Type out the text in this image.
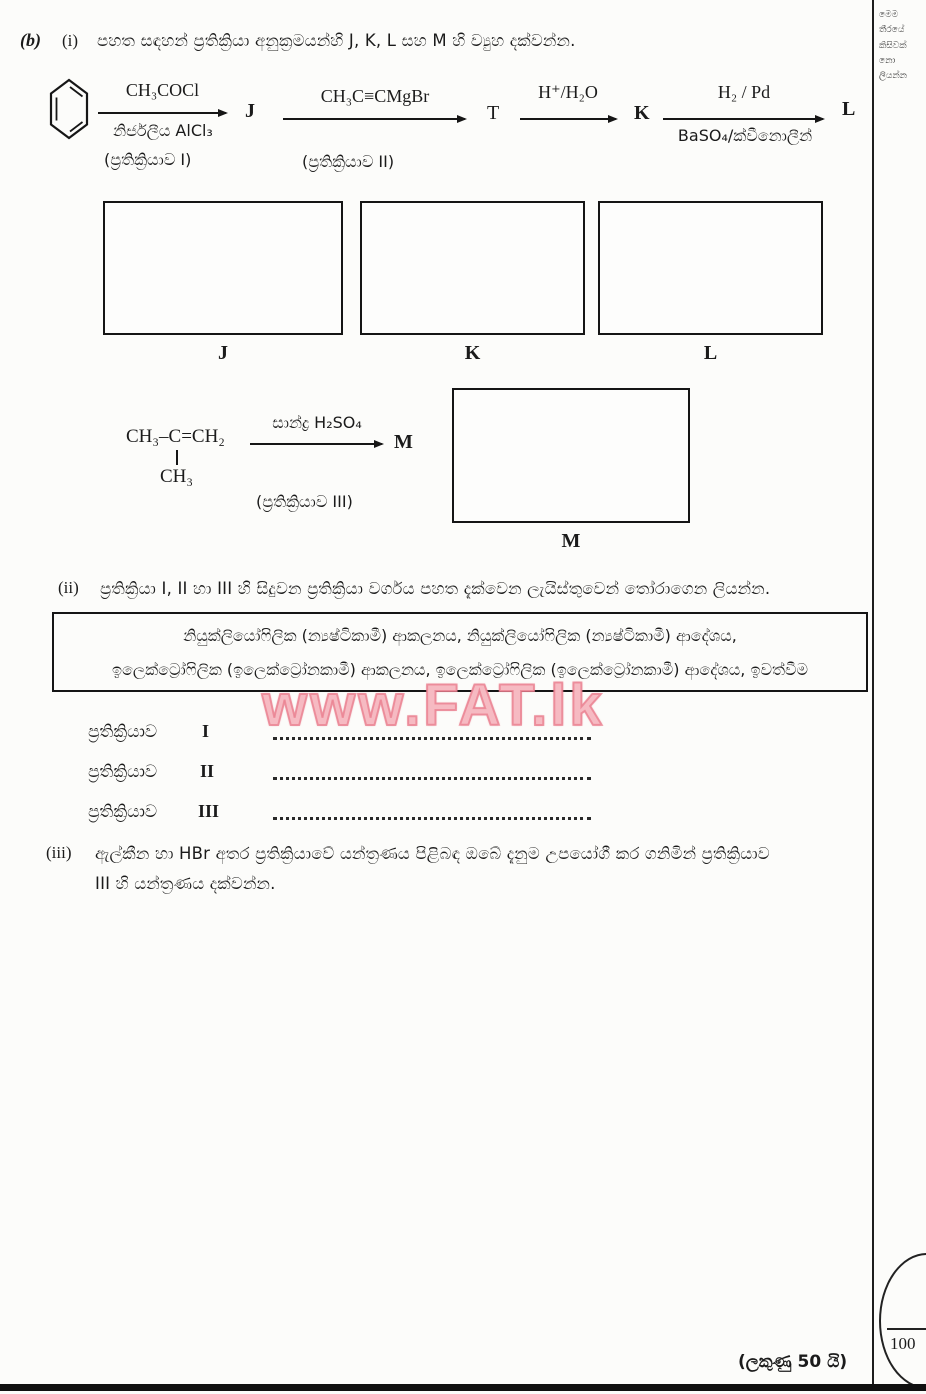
මෙම
තීරයේ
කිසිවක්
නො ලියන්න
(b) (i) පහත සඳහන් ප්‍රතික්‍රියා අනුක්‍රමයන්හි J, K, L සහ M හි ව්‍යුහ දක්වන්න.
CH₃COCl
නිර්ජලීය AlCl₃
(ප්‍රතික්‍රියාව I)
J
CH₃C≡CMgBr
(ප්‍රතික්‍රියාව II)
T
H⁺/H₂O
K
H₂ / Pd
BaSO₄/ක්වීනොලීන්
L
J	K	L
CH₃–C=CH₂
CH₃
සාන්ද්‍ර H₂SO₄
M
(ප්‍රතික්‍රියාව III)
M
(ii) ප්‍රතික්‍රියා I, II හා III හි සිදුවන ප්‍රතික්‍රියා වර්ගය පහත දැක්වෙන ලැයිස්තුවෙන් තෝරාගෙන ලියන්න.
නියුක්ලියෝෆිලික (න්‍යෂ්ටිකාමී) ආකලනය, නියුක්ලියෝෆිලික (න්‍යෂ්ටිකාමී) ආදේශය,
ඉලෙක්ට්‍රෝෆිලික (ඉලෙක්ට්‍රෝනකාමී) ආකලනය, ඉලෙක්ට්‍රෝෆිලික (ඉලෙක්ට්‍රෝනකාමී) ආදේශය, ඉවත්වීම
www.FAT.lk
ප්‍රතික්‍රියාව I
ප්‍රතික්‍රියාව II
ප්‍රතික්‍රියාව III
(iii) ඇල්කීන හා HBr අතර ප්‍රතික්‍රියාවේ යන්ත්‍රණය පිළිබඳ ඔබේ දැනුම උපයෝගී කර ගනිමින් ප්‍රතික්‍රියාව
III හි යන්ත්‍රණය දක්වන්න.
(ලකුණු 50 යි)
100
